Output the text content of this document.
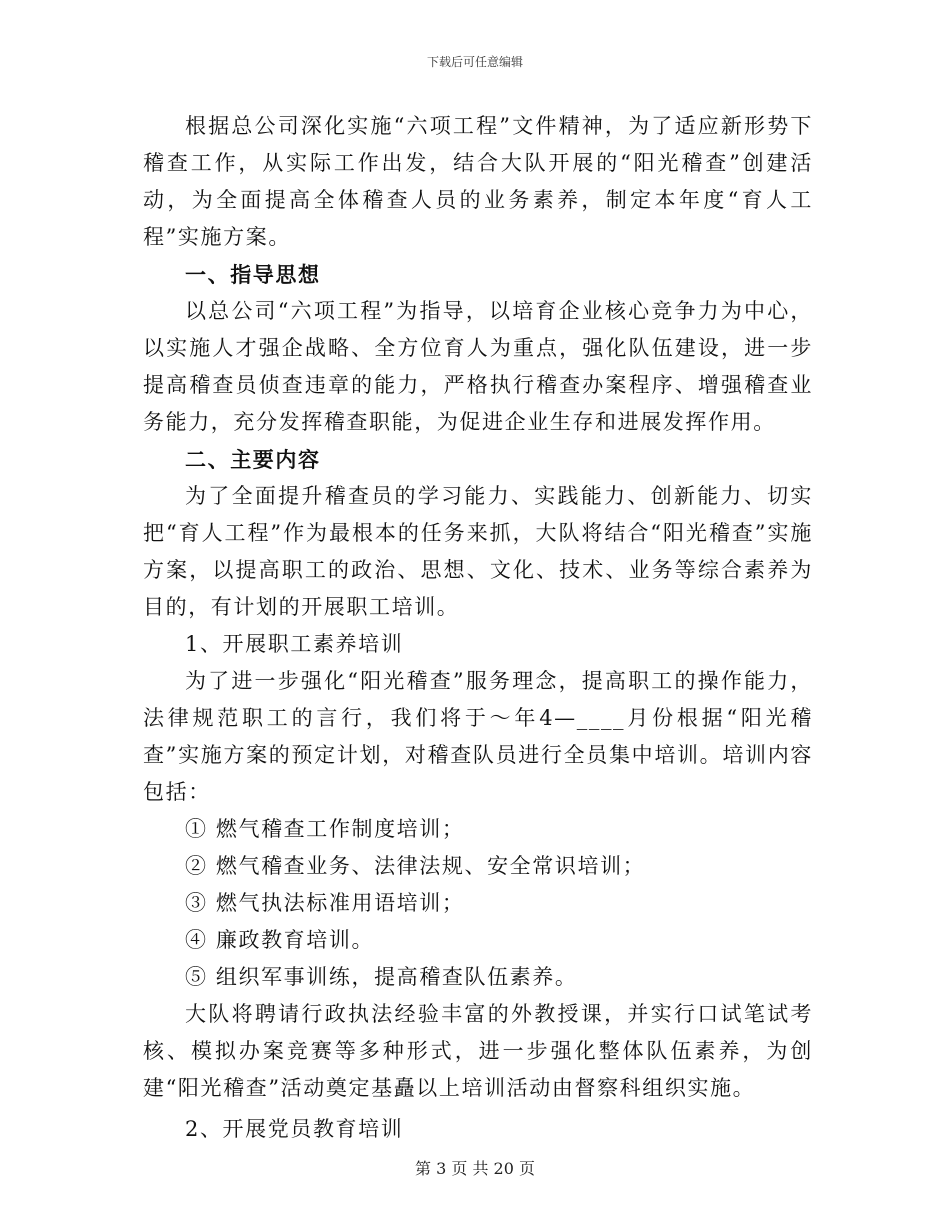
下载后可任意编辑

根据总公司深化实施“六项工程”文件精神，为了适应新形势下稽查工作，从实际工作出发，结合大队开展的“阳光稽查”创建活动，为全面提高全体稽查人员的业务素养，制定本年度“育人工程”实施方案。

一、指导思想

以总公司“六项工程”为指导，以培育企业核心竞争力为中心，以实施人才强企战略、全方位育人为重点，强化队伍建设，进一步提高稽查员侦查违章的能力，严格执行稽查办案程序、增强稽查业务能力，充分发挥稽查职能，为促进企业生存和进展发挥作用。

二、主要内容

为了全面提升稽查员的学习能力、实践能力、创新能力、切实把“育人工程”作为最根本的任务来抓，大队将结合“阳光稽查”实施方案，以提高职工的政治、思想、文化、技术、业务等综合素养为目的，有计划的开展职工培训。

1、开展职工素养培训

为了进一步强化“阳光稽查”服务理念，提高职工的操作能力，法律规范职工的言行，我们将于～年4—____月份根据“阳光稽查”实施方案的预定计划，对稽查队员进行全员集中培训。培训内容包括：

① 燃气稽查工作制度培训；

② 燃气稽查业务、法律法规、安全常识培训；

③ 燃气执法标准用语培训；

④ 廉政教育培训。

⑤ 组织军事训练，提高稽查队伍素养。

大队将聘请行政执法经验丰富的外教授课，并实行口试笔试考核、模拟办案竞赛等多种形式，进一步强化整体队伍素养，为创建“阳光稽查”活动奠定基矗以上培训活动由督察科组织实施。

2、开展党员教育培训

第 3 页 共 20 页
